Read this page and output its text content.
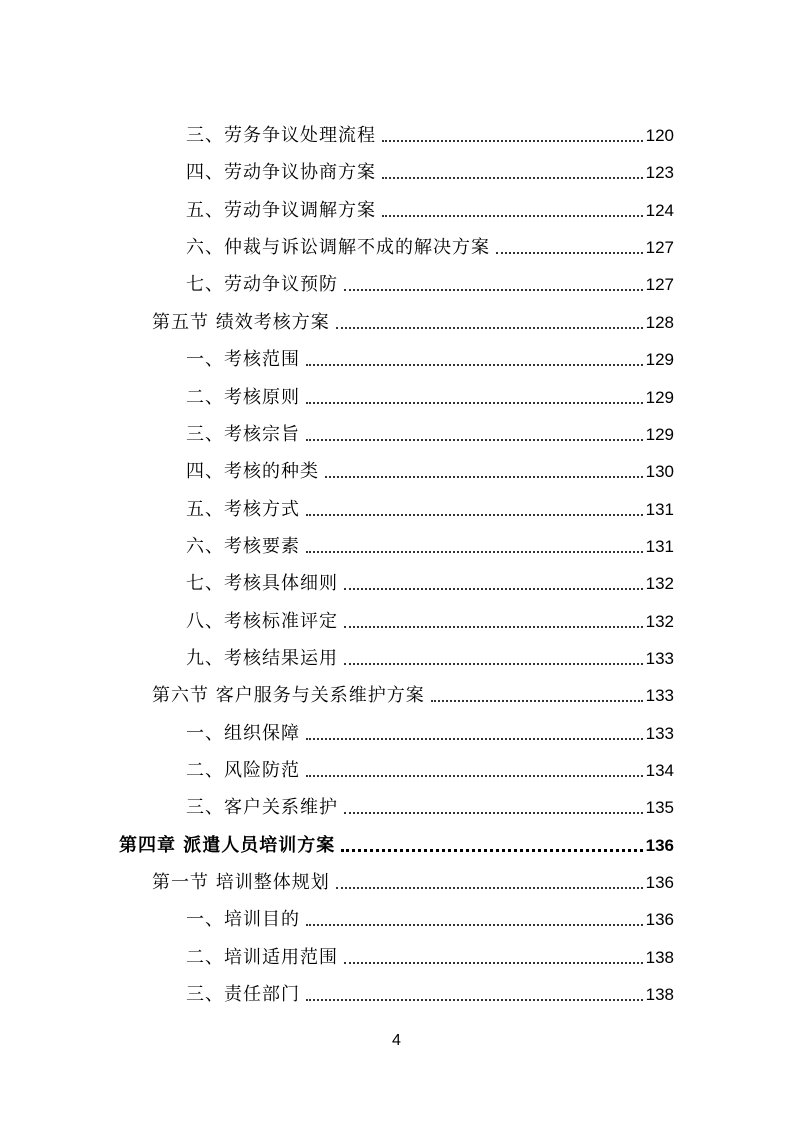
三、劳务争议处理流程	120
四、劳动争议协商方案	123
五、劳动争议调解方案	124
六、仲裁与诉讼调解不成的解决方案	127
七、劳动争议预防	127
第五节 绩效考核方案	128
一、考核范围	129
二、考核原则	129
三、考核宗旨	129
四、考核的种类	130
五、考核方式	131
六、考核要素	131
七、考核具体细则	132
八、考核标准评定	132
九、考核结果运用	133
第六节 客户服务与关系维护方案	133
一、组织保障	133
二、风险防范	134
三、客户关系维护	135
第四章 派遣人员培训方案	136
第一节 培训整体规划	136
一、培训目的	136
二、培训适用范围	138
三、责任部门	138
4
